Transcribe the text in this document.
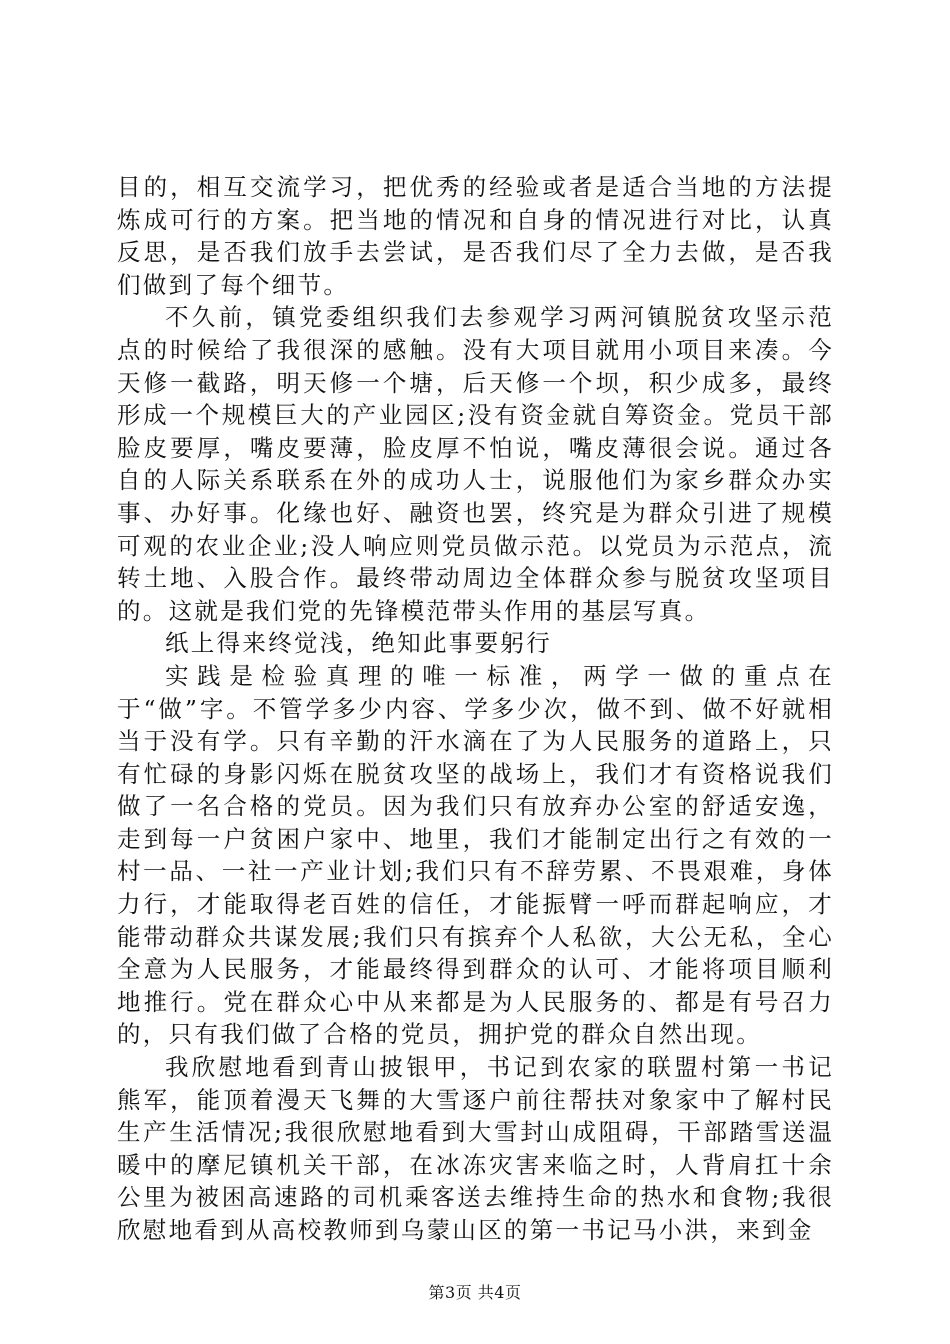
目的，相互交流学习，把优秀的经验或者是适合当地的方法提炼成可行的方案。把当地的情况和自身的情况进行对比，认真反思，是否我们放手去尝试，是否我们尽了全力去做，是否我们做到了每个细节。

不久前，镇党委组织我们去参观学习两河镇脱贫攻坚示范点的时候给了我很深的感触。没有大项目就用小项目来凑。今天修一截路，明天修一个塘，后天修一个坝，积少成多，最终形成一个规模巨大的产业园区;没有资金就自筹资金。党员干部脸皮要厚，嘴皮要薄，脸皮厚不怕说，嘴皮薄很会说。通过各自的人际关系联系在外的成功人士，说服他们为家乡群众办实事、办好事。化缘也好、融资也罢，终究是为群众引进了规模可观的农业企业;没人响应则党员做示范。以党员为示范点，流转土地、入股合作。最终带动周边全体群众参与脱贫攻坚项目的。这就是我们党的先锋模范带头作用的基层写真。

纸上得来终觉浅，绝知此事要躬行

实践是检验真理的唯一标准，两学一做的重点在于“做”字。不管学多少内容、学多少次，做不到、做不好就相当于没有学。只有辛勤的汗水滴在了为人民服务的道路上，只有忙碌的身影闪烁在脱贫攻坚的战场上，我们才有资格说我们做了一名合格的党员。因为我们只有放弃办公室的舒适安逸，走到每一户贫困户家中、地里，我们才能制定出行之有效的一村一品、一社一产业计划;我们只有不辞劳累、不畏艰难，身体力行，才能取得老百姓的信任，才能振臂一呼而群起响应，才能带动群众共谋发展;我们只有摈弃个人私欲，大公无私，全心全意为人民服务，才能最终得到群众的认可、才能将项目顺利地推行。党在群众心中从来都是为人民服务的、都是有号召力的，只有我们做了合格的党员，拥护党的群众自然出现。

我欣慰地看到青山披银甲，书记到农家的联盟村第一书记熊军，能顶着漫天飞舞的大雪逐户前往帮扶对象家中了解村民生产生活情况;我很欣慰地看到大雪封山成阻碍，干部踏雪送温暖中的摩尼镇机关干部，在冰冻灾害来临之时，人背肩扛十余公里为被困高速路的司机乘客送去维持生命的热水和食物;我很欣慰地看到从高校教师到乌蒙山区的第一书记马小洪，来到金

第3页 共4页
